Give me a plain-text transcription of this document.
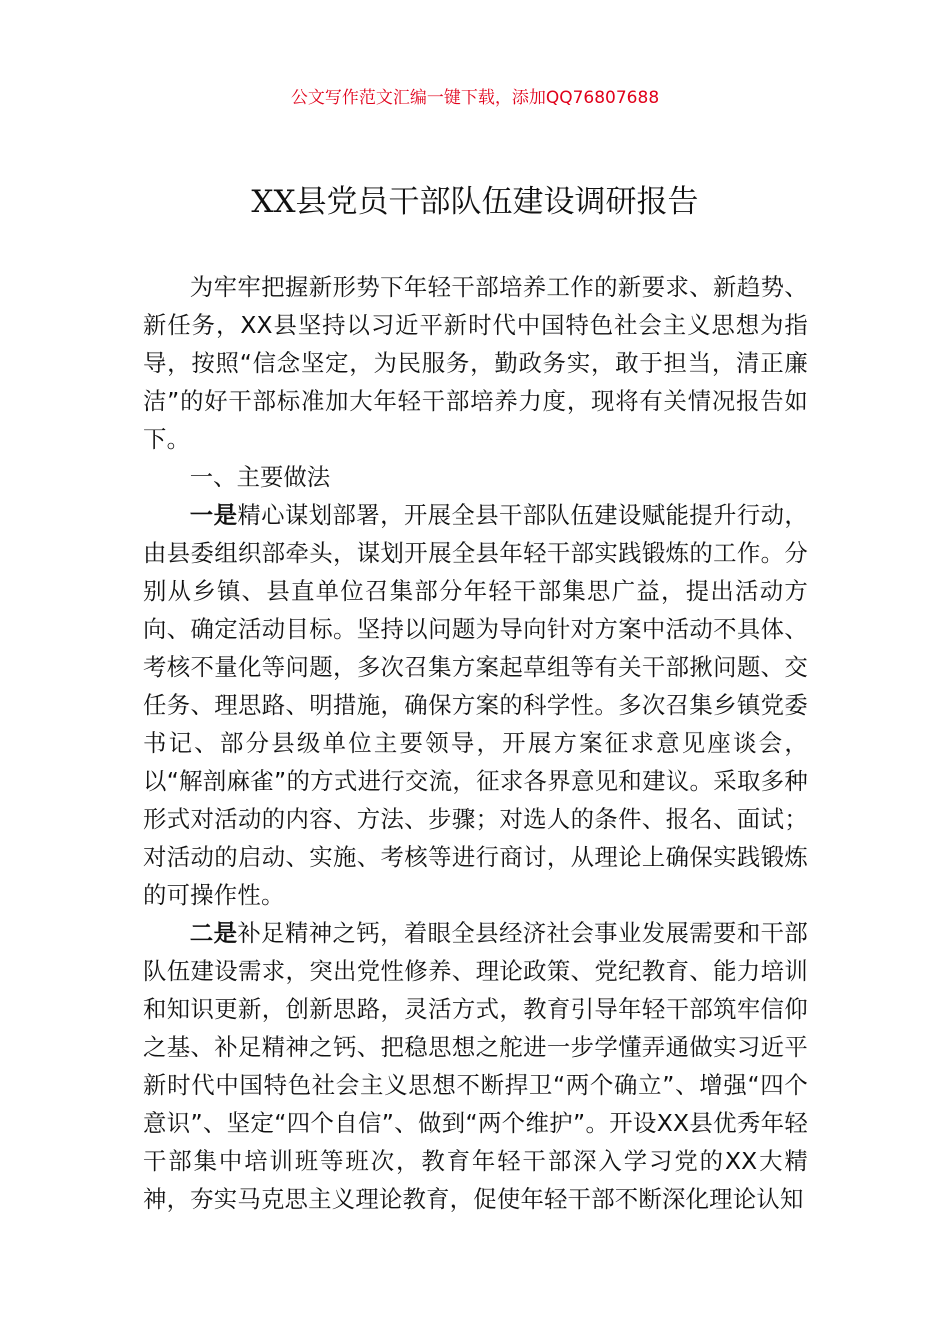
公文写作范文汇编一键下载，添加QQ76807688
XX县党员干部队伍建设调研报告

为牢牢把握新形势下年轻干部培养工作的新要求、新趋势、新任务，XX县坚持以习近平新时代中国特色社会主义思想为指导，按照“信念坚定，为民服务，勤政务实，敢于担当，清正廉洁”的好干部标准加大年轻干部培养力度，现将有关情况报告如下。

一、主要做法

一是精心谋划部署，开展全县干部队伍建设赋能提升行动，由县委组织部牵头，谋划开展全县年轻干部实践锻炼的工作。分别从乡镇、县直单位召集部分年轻干部集思广益，提出活动方向、确定活动目标。坚持以问题为导向针对方案中活动不具体、考核不量化等问题，多次召集方案起草组等有关干部揪问题、交任务、理思路、明措施，确保方案的科学性。多次召集乡镇党委书记、部分县级单位主要领导，开展方案征求意见座谈会，以“解剖麻雀”的方式进行交流，征求各界意见和建议。采取多种形式对活动的内容、方法、步骤；对选人的条件、报名、面试；对活动的启动、实施、考核等进行商讨，从理论上确保实践锻炼的可操作性。

二是补足精神之钙，着眼全县经济社会事业发展需要和干部队伍建设需求，突出党性修养、理论政策、党纪教育、能力培训和知识更新，创新思路，灵活方式，教育引导年轻干部筑牢信仰之基、补足精神之钙、把稳思想之舵进一步学懂弄通做实习近平新时代中国特色社会主义思想不断捍卫“两个确立”、增强“四个意识”、坚定“四个自信”、做到“两个维护”。开设XX县优秀年轻干部集中培训班等班次，教育年轻干部深入学习党的XX大精神，夯实马克思主义理论教育，促使年轻干部不断深化理论认知
